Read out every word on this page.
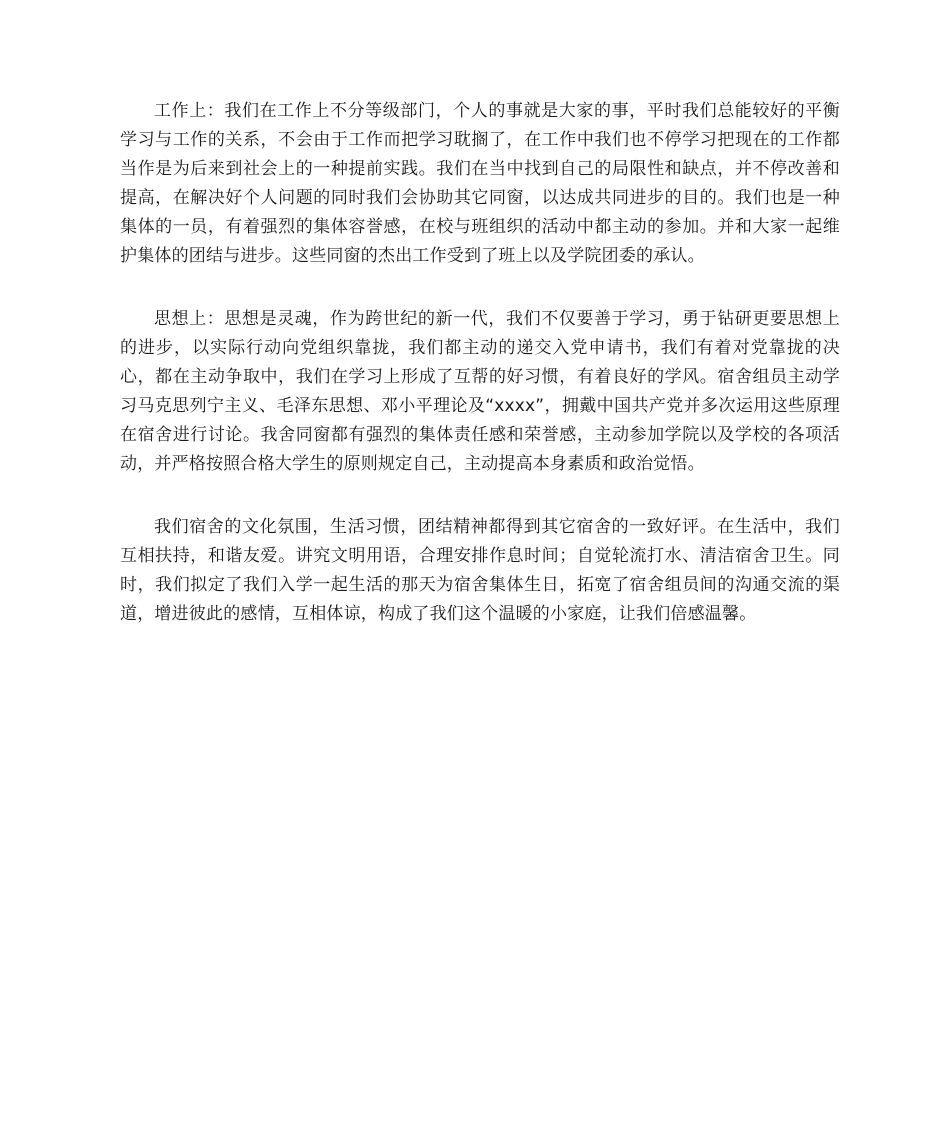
工作上：我们在工作上不分等级部门，个人的事就是大家的事，平时我们总能较好的平衡学习与工作的关系，不会由于工作而把学习耽搁了，在工作中我们也不停学习把现在的工作都当作是为后来到社会上的一种提前实践。我们在当中找到自己的局限性和缺点，并不停改善和提高，在解决好个人问题的同时我们会协助其它同窗，以达成共同进步的目的。我们也是一种集体的一员，有着强烈的集体容誉感，在校与班组织的活动中都主动的参加。并和大家一起维护集体的团结与进步。这些同窗的杰出工作受到了班上以及学院团委的承认。

思想上：思想是灵魂，作为跨世纪的新一代，我们不仅要善于学习，勇于钻研更要思想上的进步，以实际行动向党组织靠拢，我们都主动的递交入党申请书，我们有着对党靠拢的决心，都在主动争取中，我们在学习上形成了互帮的好习惯，有着良好的学风。宿舍组员主动学习马克思列宁主义、毛泽东思想、邓小平理论及“xxxx”，拥戴中国共产党并多次运用这些原理在宿舍进行讨论。我舍同窗都有强烈的集体责任感和荣誉感，主动参加学院以及学校的各项活动，并严格按照合格大学生的原则规定自己，主动提高本身素质和政治觉悟。

我们宿舍的文化氛围，生活习惯，团结精神都得到其它宿舍的一致好评。在生活中，我们互相扶持，和谐友爱。讲究文明用语，合理安排作息时间；自觉轮流打水、清洁宿舍卫生。同时，我们拟定了我们入学一起生活的那天为宿舍集体生日，拓宽了宿舍组员间的沟通交流的渠道，增进彼此的感情，互相体谅，构成了我们这个温暖的小家庭，让我们倍感温馨。
